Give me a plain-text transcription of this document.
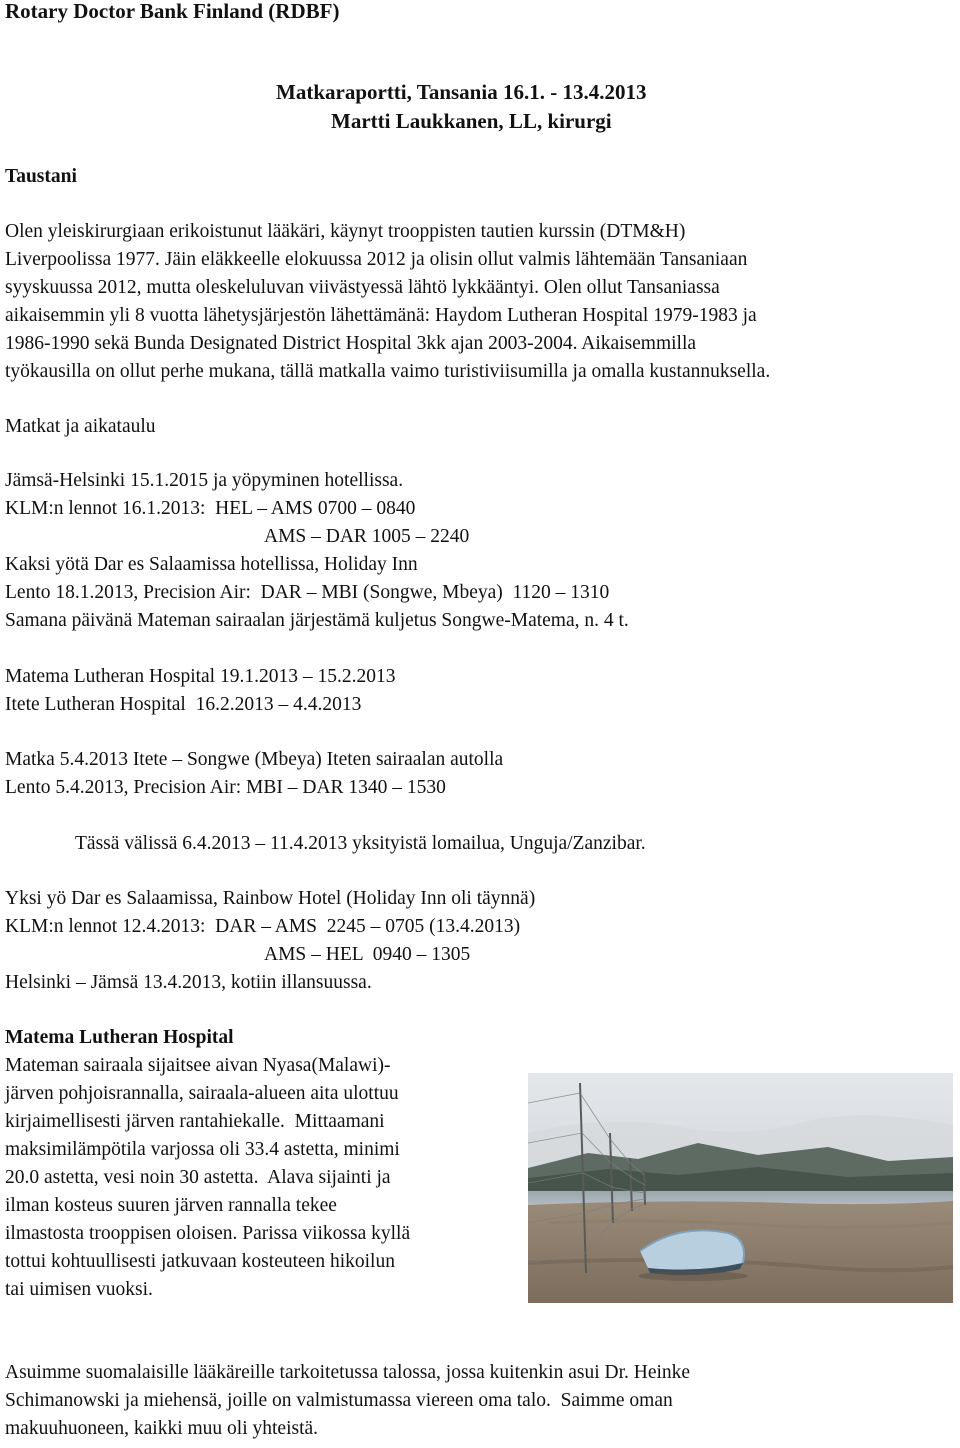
Rotary Doctor Bank Finland (RDBF)
Matkaraportti, Tansania 16.1. - 13.4.2013
Martti Laukkanen, LL, kirurgi
Taustani
Olen yleiskirurgiaan erikoistunut lääkäri, käynyt trooppisten tautien kurssin (DTM&H)
Liverpoolissa 1977. Jäin eläkkeelle elokuussa 2012 ja olisin ollut valmis lähtemään Tansaniaan
syyskuussa 2012, mutta oleskeluluvan viivästyessä lähtö lykkääntyi. Olen ollut Tansaniassa
aikaisemmin yli 8 vuotta lähetysjärjestön lähettämänä: Haydom Lutheran Hospital 1979-1983 ja
1986-1990 sekä Bunda Designated District Hospital 3kk ajan 2003-2004. Aikaisemmilla
työkausilla on ollut perhe mukana, tällä matkalla vaimo turistiviisumilla ja omalla kustannuksella.
Matkat ja aikataulu
Jämsä-Helsinki 15.1.2015 ja yöpyminen hotellissa.
KLM:n lennot 16.1.2013:  HEL – AMS 0700 – 0840
AMS – DAR 1005 – 2240
Kaksi yötä Dar es Salaamissa hotellissa, Holiday Inn
Lento 18.1.2013, Precision Air:  DAR – MBI (Songwe, Mbeya)  1120 – 1310
Samana päivänä Mateman sairaalan järjestämä kuljetus Songwe-Matema, n. 4 t.
Matema Lutheran Hospital 19.1.2013 – 15.2.2013
Itete Lutheran Hospital  16.2.2013 – 4.4.2013
Matka 5.4.2013 Itete – Songwe (Mbeya) Iteten sairaalan autolla
Lento 5.4.2013, Precision Air: MBI – DAR 1340 – 1530
Tässä välissä 6.4.2013 – 11.4.2013 yksityistä lomailua, Unguja/Zanzibar.
Yksi yö Dar es Salaamissa, Rainbow Hotel (Holiday Inn oli täynnä)
KLM:n lennot 12.4.2013:  DAR – AMS  2245 – 0705 (13.4.2013)
AMS – HEL  0940 – 1305
Helsinki – Jämsä 13.4.2013, kotiin illansuussa.
Matema Lutheran Hospital
Mateman sairaala sijaitsee aivan Nyasa(Malawi)-
järven pohjoisrannalla, sairaala-alueen aita ulottuu
kirjaimellisesti järven rantahiekalle.  Mittaamani
maksimilämpötila varjossa oli 33.4 astetta, minimi
20.0 astetta, vesi noin 30 astetta.  Alava sijainti ja
ilman kosteus suuren järven rannalla tekee
ilmastosta trooppisen oloisen. Parissa viikossa kyllä
tottui kohtuullisesti jatkuvaan kosteuteen hikoilun
tai uimisen vuoksi.
Asuimme suomalaisille lääkäreille tarkoitetussa talossa, jossa kuitenkin asui Dr. Heinke
Schimanowski ja miehensä, joille on valmistumassa viereen oma talo.  Saimme oman
makuuhuoneen, kaikki muu oli yhteistä.
